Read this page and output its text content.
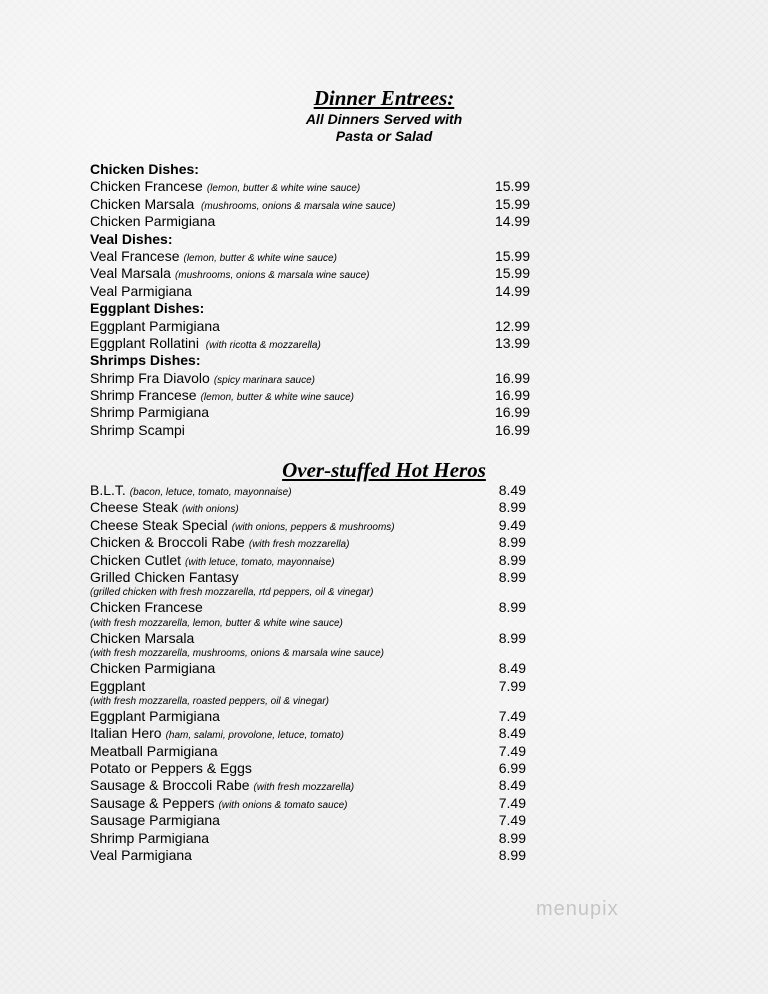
Dinner Entrees:
All Dinners Served with
Pasta or Salad
Chicken Dishes:
Chicken Francese (lemon, butter & white wine sauce)	15.99
Chicken Marsala (mushrooms, onions & marsala wine sauce)	15.99
Chicken Parmigiana	14.99
Veal Dishes:
Veal Francese (lemon, butter & white wine sauce)	15.99
Veal Marsala (mushrooms, onions & marsala wine sauce)	15.99
Veal Parmigiana	14.99
Eggplant Dishes:
Eggplant Parmigiana	12.99
Eggplant Rollatini (with ricotta & mozzarella)	13.99
Shrimps Dishes:
Shrimp Fra Diavolo (spicy marinara sauce)	16.99
Shrimp Francese (lemon, butter & white wine sauce)	16.99
Shrimp Parmigiana	16.99
Shrimp Scampi	16.99
Over-stuffed Hot Heros
B.L.T. (bacon, letuce, tomato, mayonnaise)	8.49
Cheese Steak (with onions)	8.99
Cheese Steak Special (with onions, peppers & mushrooms)	9.49
Chicken & Broccoli Rabe (with fresh mozzarella)	8.99
Chicken Cutlet (with letuce, tomato, mayonnaise)	8.99
Grilled Chicken Fantasy	8.99
(grilled chicken with fresh mozzarella, rtd peppers, oil & vinegar)
Chicken Francese	8.99
(with fresh mozzarella, lemon, butter & white wine sauce)
Chicken Marsala	8.99
(with fresh mozzarella, mushrooms, onions & marsala wine sauce)
Chicken Parmigiana	8.49
Eggplant	7.99
(with fresh mozzarella, roasted peppers, oil & vinegar)
Eggplant Parmigiana	7.49
Italian Hero (ham, salami, provolone, letuce, tomato)	8.49
Meatball Parmigiana	7.49
Potato or Peppers & Eggs	6.99
Sausage & Broccoli Rabe (with fresh mozzarella)	8.49
Sausage & Peppers (with onions & tomato sauce)	7.49
Sausage Parmigiana	7.49
Shrimp Parmigiana	8.99
Veal Parmigiana	8.99
menupix
